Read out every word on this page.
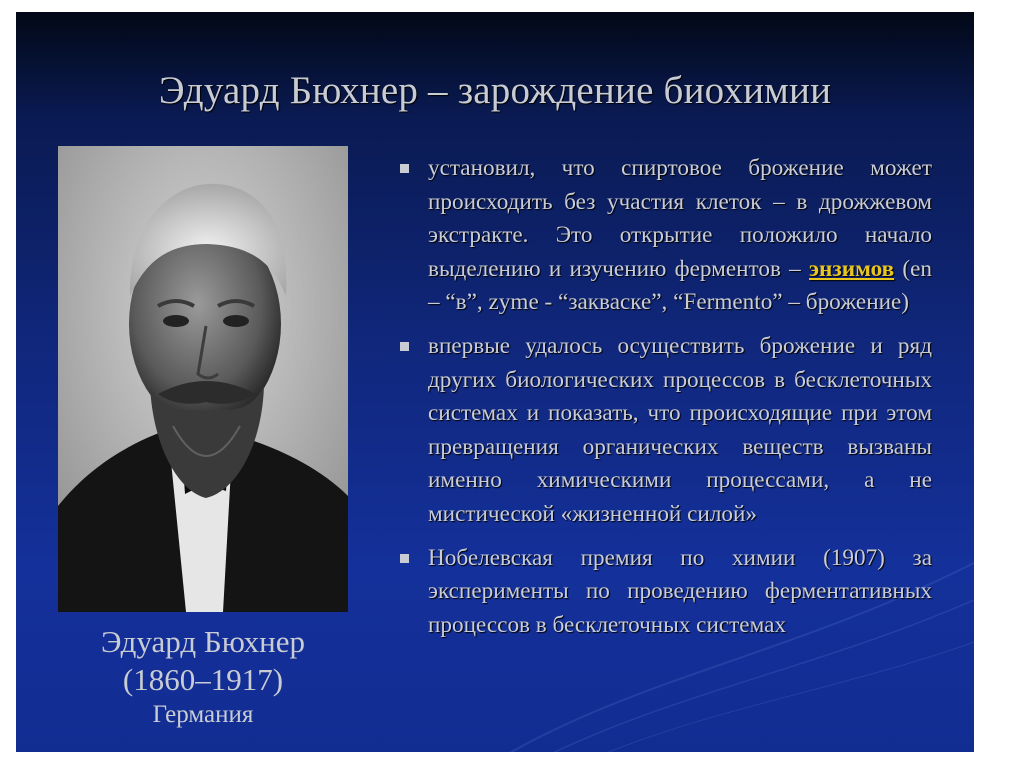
Эдуард Бюхнер – зарождение биохимии
Эдуард Бюхнер
(1860–1917)
Германия
установил, что спиртовое брожение может происходить без участия клеток – в дрожжевом экстракте. Это открытие положило начало выделению и изучению ферментов – энзимов (en – “в”, zyme - “закваске”, “Fermento” – брожение)
впервые удалось осуществить брожение и ряд других биологических процессов в бесклеточных системах и показать, что происходящие при этом превращения органических веществ вызваны именно химическими процессами, а не мистической «жизненной силой»
Нобелевская премия по химии (1907) за эксперименты по проведению ферментативных процессов в бесклеточных системах
